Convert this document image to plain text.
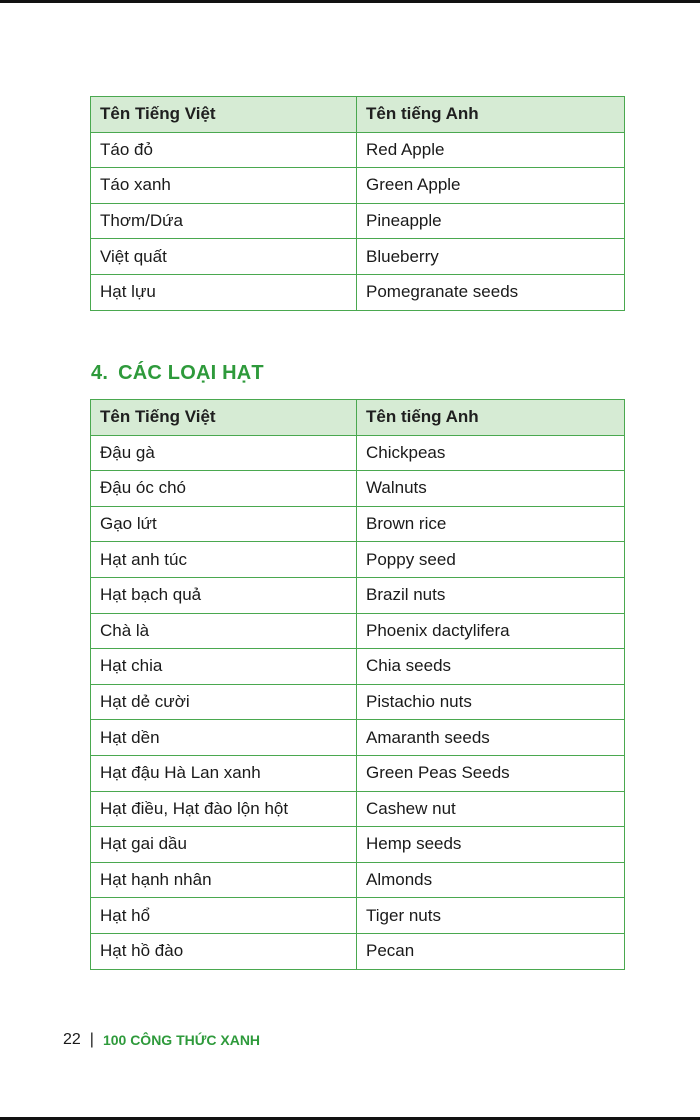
Tên Tiếng Việt	Tên tiếng Anh
Táo đỏ	Red Apple
Táo xanh	Green Apple
Thơm/Dứa	Pineapple
Việt quất	Blueberry
Hạt lựu	Pomegranate seeds
4. CÁC LOẠI HẠT
Tên Tiếng Việt	Tên tiếng Anh
Đậu gà	Chickpeas
Đậu óc chó	Walnuts
Gạo lứt	Brown rice
Hạt anh túc	Poppy seed
Hạt bạch quả	Brazil nuts
Chà là	Phoenix dactylifera
Hạt chia	Chia seeds
Hạt dẻ cười	Pistachio nuts
Hạt dền	Amaranth seeds
Hạt đậu Hà Lan xanh	Green Peas Seeds
Hạt điều, Hạt đào lộn hột	Cashew nut
Hạt gai dầu	Hemp seeds
Hạt hạnh nhân	Almonds
Hạt hổ	Tiger nuts
Hạt hồ đào	Pecan
22 | 100 CÔNG THỨC XANH
